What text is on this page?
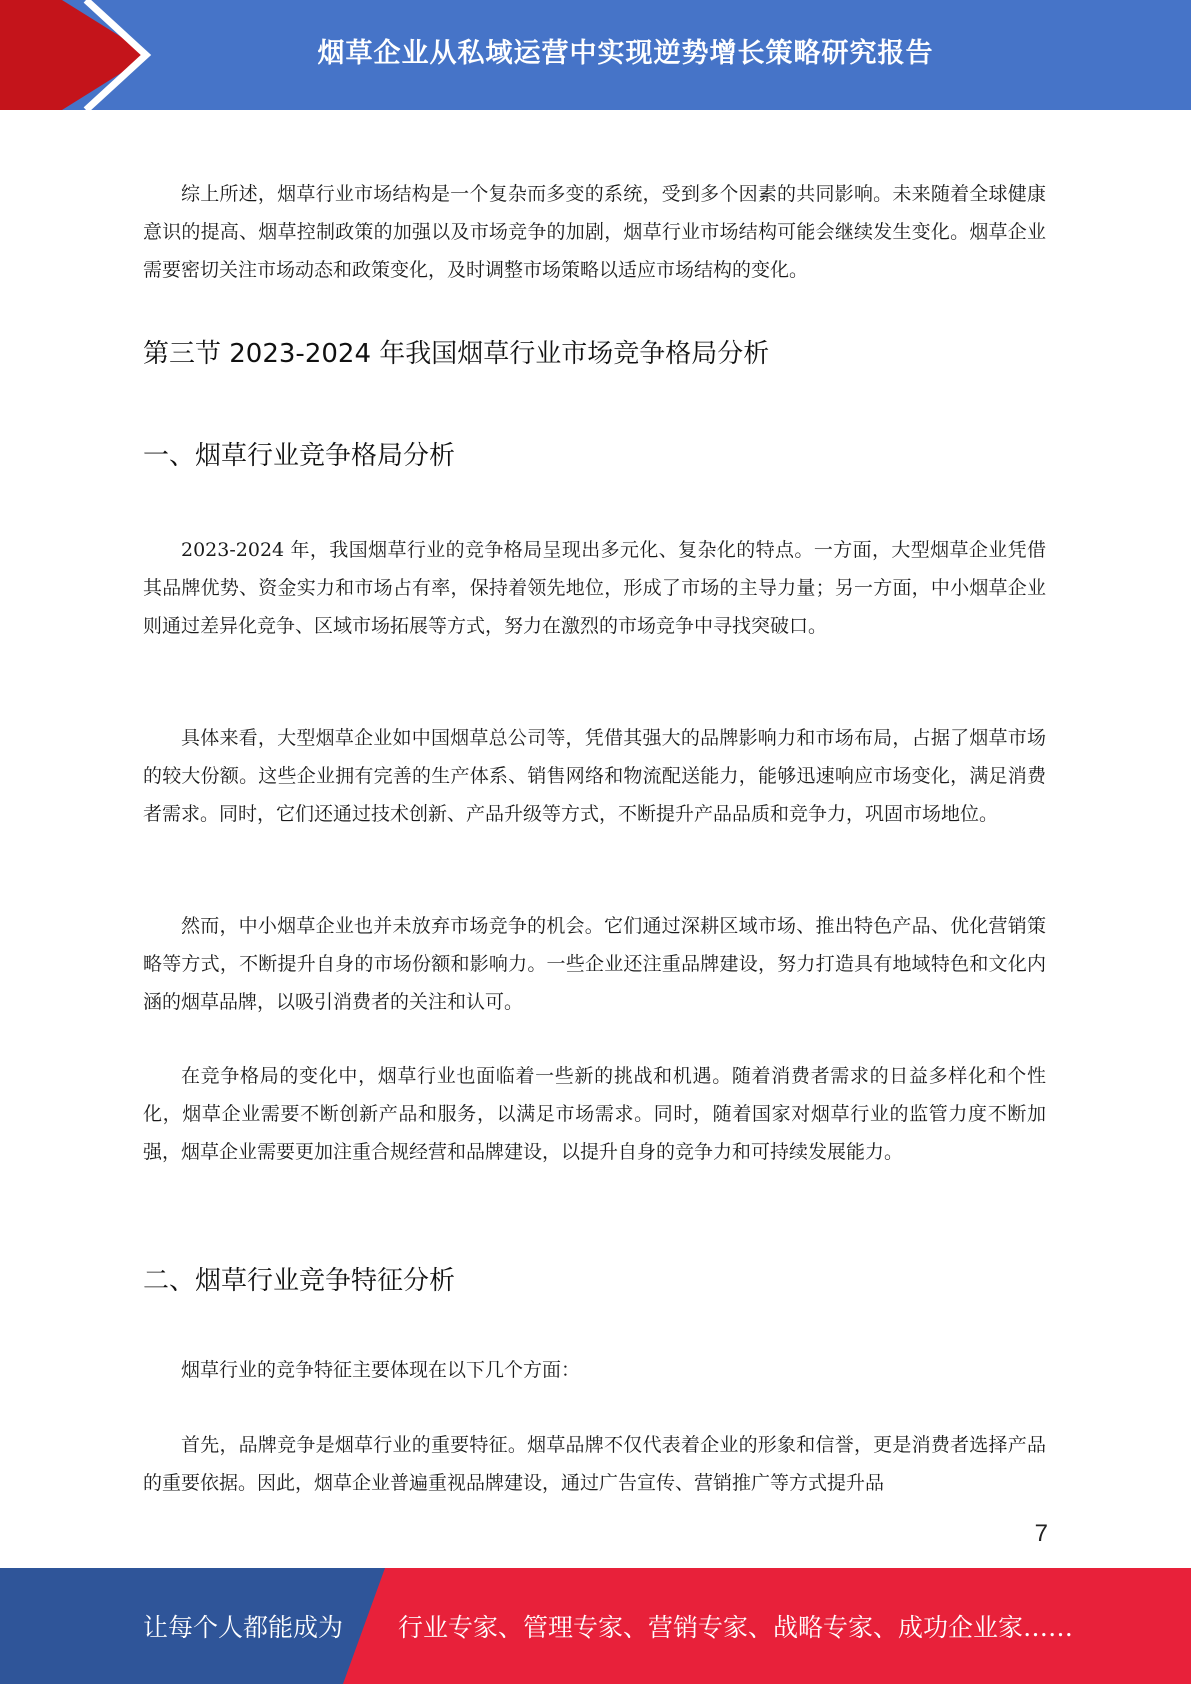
烟草企业从私域运营中实现逆势增长策略研究报告

综上所述，烟草行业市场结构是一个复杂而多变的系统，受到多个因素的共同影响。未来随着全球健康意识的提高、烟草控制政策的加强以及市场竞争的加剧，烟草行业市场结构可能会继续发生变化。烟草企业需要密切关注市场动态和政策变化，及时调整市场策略以适应市场结构的变化。

第三节 2023-2024 年我国烟草行业市场竞争格局分析
一、烟草行业竞争格局分析

2023-2024 年，我国烟草行业的竞争格局呈现出多元化、复杂化的特点。一方面，大型烟草企业凭借其品牌优势、资金实力和市场占有率，保持着领先地位，形成了市场的主导力量；另一方面，中小烟草企业则通过差异化竞争、区域市场拓展等方式，努力在激烈的市场竞争中寻找突破口。

具体来看，大型烟草企业如中国烟草总公司等，凭借其强大的品牌影响力和市场布局，占据了烟草市场的较大份额。这些企业拥有完善的生产体系、销售网络和物流配送能力，能够迅速响应市场变化，满足消费者需求。同时，它们还通过技术创新、产品升级等方式，不断提升产品品质和竞争力，巩固市场地位。

然而，中小烟草企业也并未放弃市场竞争的机会。它们通过深耕区域市场、推出特色产品、优化营销策略等方式，不断提升自身的市场份额和影响力。一些企业还注重品牌建设，努力打造具有地域特色和文化内涵的烟草品牌，以吸引消费者的关注和认可。

在竞争格局的变化中，烟草行业也面临着一些新的挑战和机遇。随着消费者需求的日益多样化和个性化，烟草企业需要不断创新产品和服务，以满足市场需求。同时，随着国家对烟草行业的监管力度不断加强，烟草企业需要更加注重合规经营和品牌建设，以提升自身的竞争力和可持续发展能力。

二、烟草行业竞争特征分析

烟草行业的竞争特征主要体现在以下几个方面：

首先，品牌竞争是烟草行业的重要特征。烟草品牌不仅代表着企业的形象和信誉，更是消费者选择产品的重要依据。因此，烟草企业普遍重视品牌建设，通过广告宣传、营销推广等方式提升品

7
让每个人都能成为 行业专家、管理专家、营销专家、战略专家、成功企业家……
